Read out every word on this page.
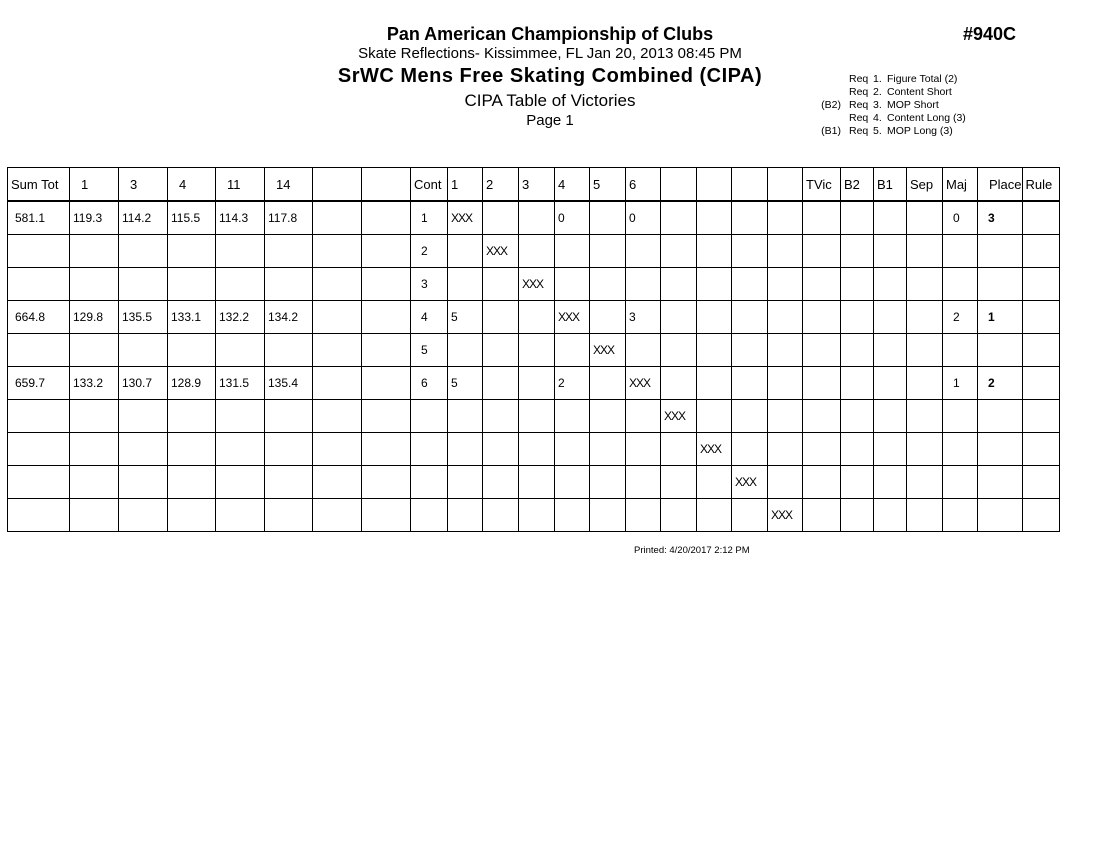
Pan American Championship of Clubs
Skate Reflections- Kissimmee, FL Jan 20, 2013 08:45 PM
SrWC Mens Free Skating Combined (CIPA)
CIPA Table of Victories
Page 1
#940C
Req 1. Figure Total (2)
Req 2. Content Short
(B2) Req 3. MOP Short
Req 4. Content Long (3)
(B1) Req 5. MOP Long (3)
Sum Tot	1	3	4	11	14			Cont	1	2	3	4	5	6					TVic	B2	B1	Sep	Maj	Place	Rule
581.1	119.3	114.2	115.5	114.3	117.8			1	XXX			0		0									0	3	
								2		XXX															
								3			XXX														
664.8	129.8	135.5	133.1	132.2	134.2			4	5			XXX		3									2	1	
								5					XXX												
659.7	133.2	130.7	128.9	131.5	135.4			6	5			2		XXX									1	2	
															XXX										
																XXX									
																	XXX								
																		XXX							
Printed: 4/20/2017 2:12 PM
